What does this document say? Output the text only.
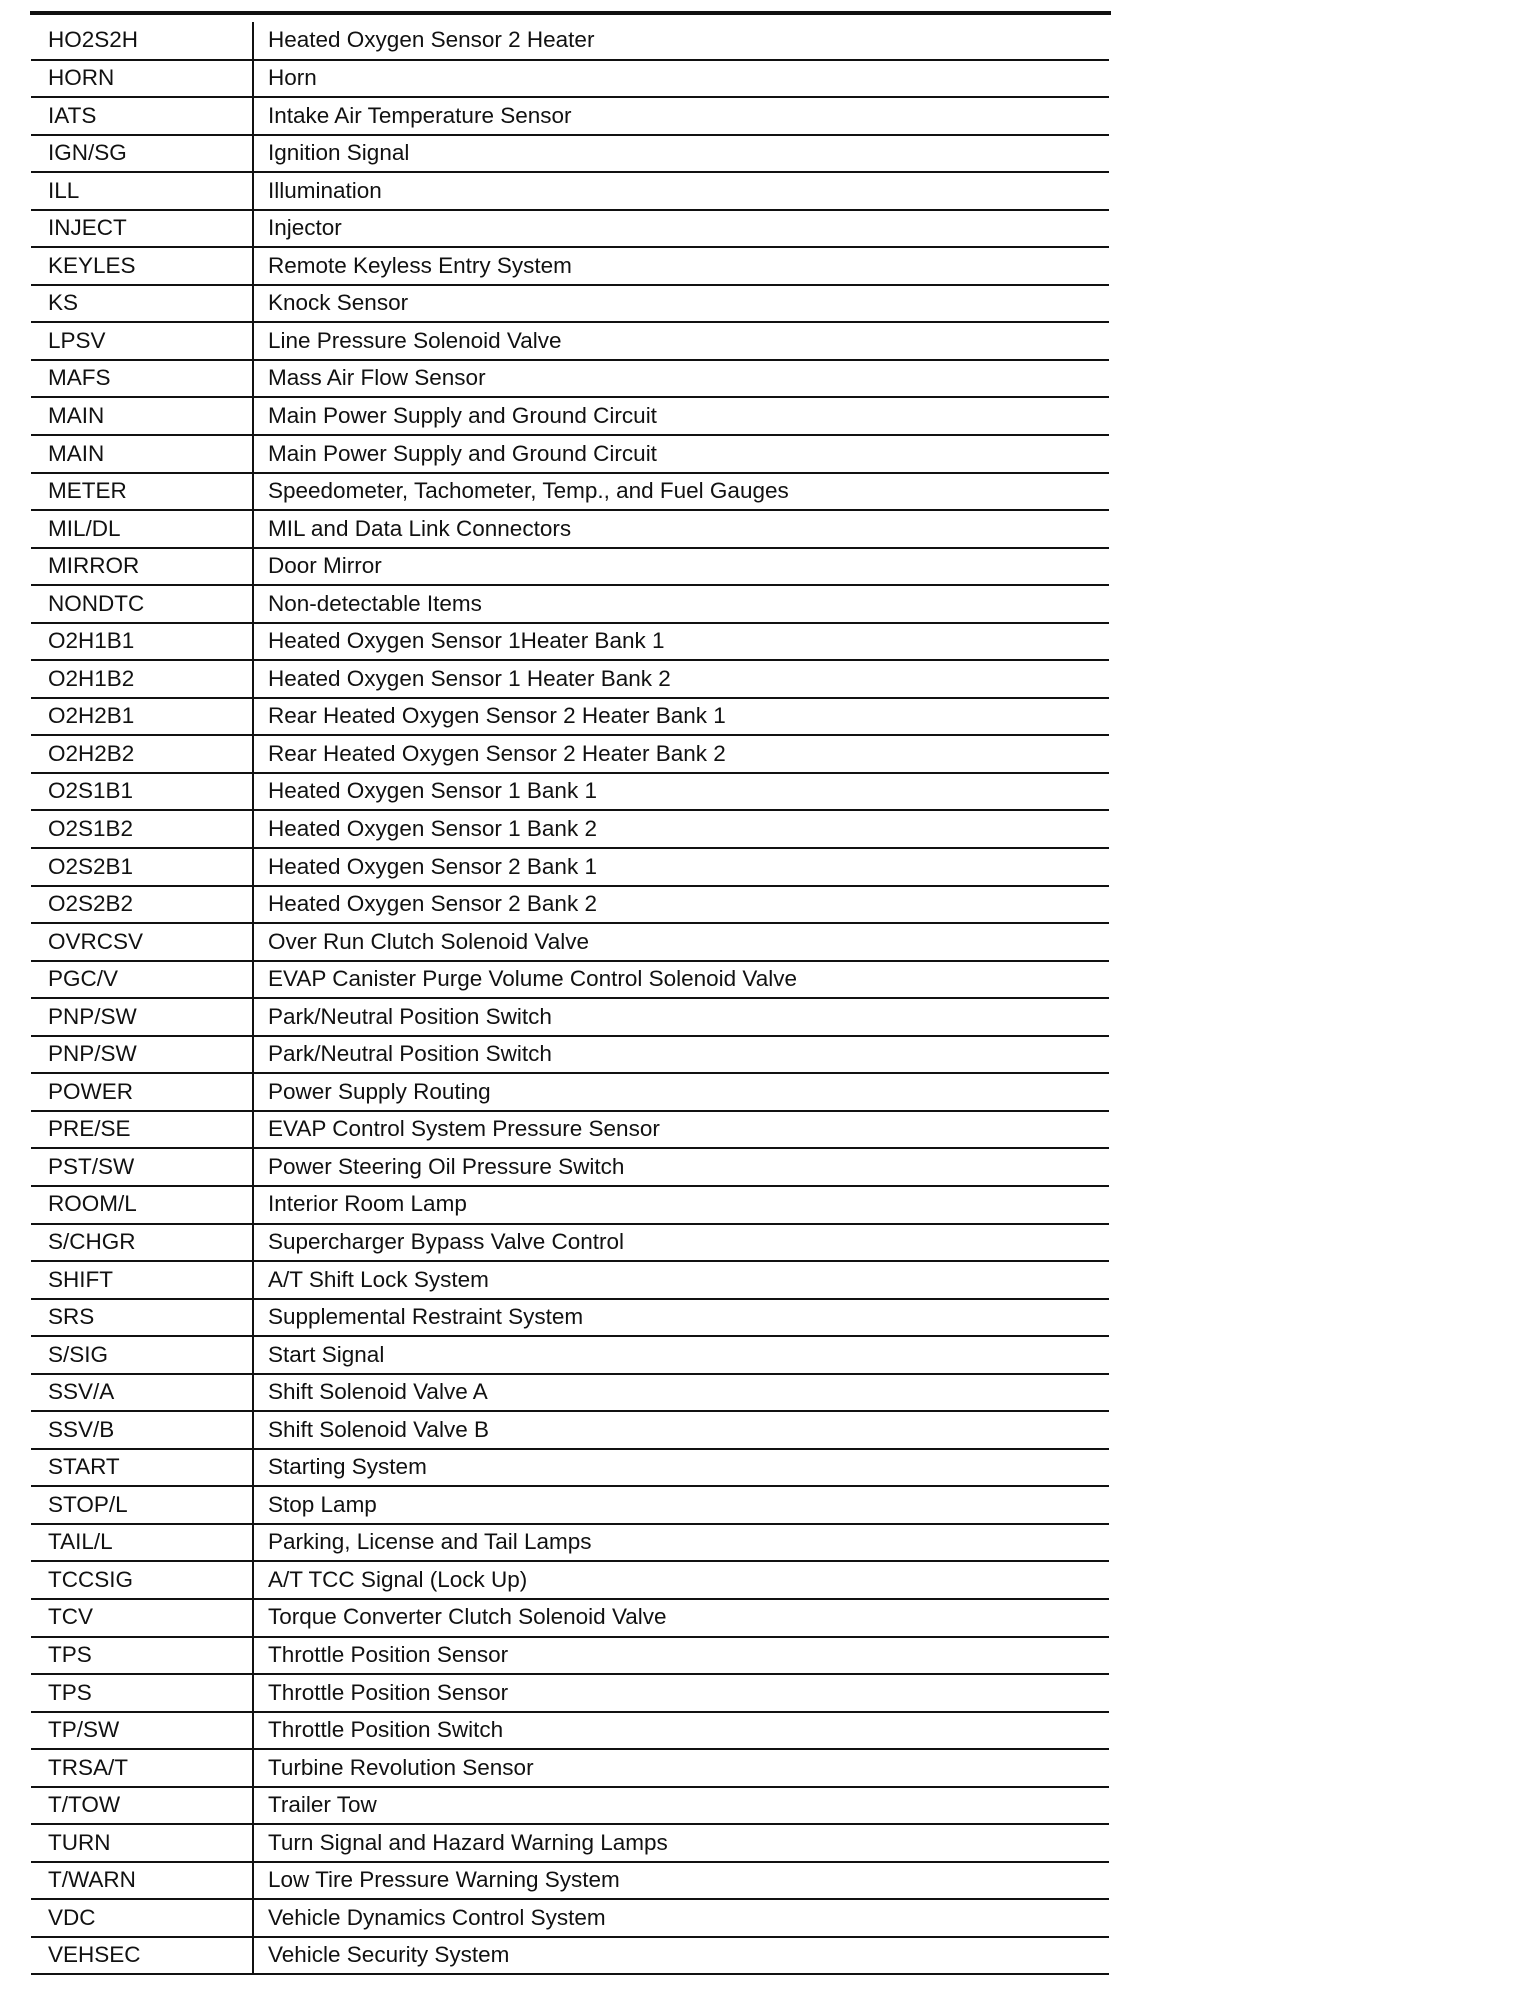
HO2S2H	Heated Oxygen Sensor 2 Heater
HORN	Horn
IATS	Intake Air Temperature Sensor
IGN/SG	Ignition Signal
ILL	Illumination
INJECT	Injector
KEYLES	Remote Keyless Entry System
KS	Knock Sensor
LPSV	Line Pressure Solenoid Valve
MAFS	Mass Air Flow Sensor
MAIN	Main Power Supply and Ground Circuit
MAIN	Main Power Supply and Ground Circuit
METER	Speedometer, Tachometer, Temp., and Fuel Gauges
MIL/DL	MIL and Data Link Connectors
MIRROR	Door Mirror
NONDTC	Non-detectable Items
O2H1B1	Heated Oxygen Sensor 1Heater Bank 1
O2H1B2	Heated Oxygen Sensor 1 Heater Bank 2
O2H2B1	Rear Heated Oxygen Sensor 2 Heater Bank 1
O2H2B2	Rear Heated Oxygen Sensor 2 Heater Bank 2
O2S1B1	Heated Oxygen Sensor 1 Bank 1
O2S1B2	Heated Oxygen Sensor 1 Bank 2
O2S2B1	Heated Oxygen Sensor 2 Bank 1
O2S2B2	Heated Oxygen Sensor 2 Bank 2
OVRCSV	Over Run Clutch Solenoid Valve
PGC/V	EVAP Canister Purge Volume Control Solenoid Valve
PNP/SW	Park/Neutral Position Switch
PNP/SW	Park/Neutral Position Switch
POWER	Power Supply Routing
PRE/SE	EVAP Control System Pressure Sensor
PST/SW	Power Steering Oil Pressure Switch
ROOM/L	Interior Room Lamp
S/CHGR	Supercharger Bypass Valve Control
SHIFT	A/T Shift Lock System
SRS	Supplemental Restraint System
S/SIG	Start Signal
SSV/A	Shift Solenoid Valve A
SSV/B	Shift Solenoid Valve B
START	Starting System
STOP/L	Stop Lamp
TAIL/L	Parking, License and Tail Lamps
TCCSIG	A/T TCC Signal (Lock Up)
TCV	Torque Converter Clutch Solenoid Valve
TPS	Throttle Position Sensor
TPS	Throttle Position Sensor
TP/SW	Throttle Position Switch
TRSA/T	Turbine Revolution Sensor
T/TOW	Trailer Tow
TURN	Turn Signal and Hazard Warning Lamps
T/WARN	Low Tire Pressure Warning System
VDC	Vehicle Dynamics Control System
VEHSEC	Vehicle Security System
